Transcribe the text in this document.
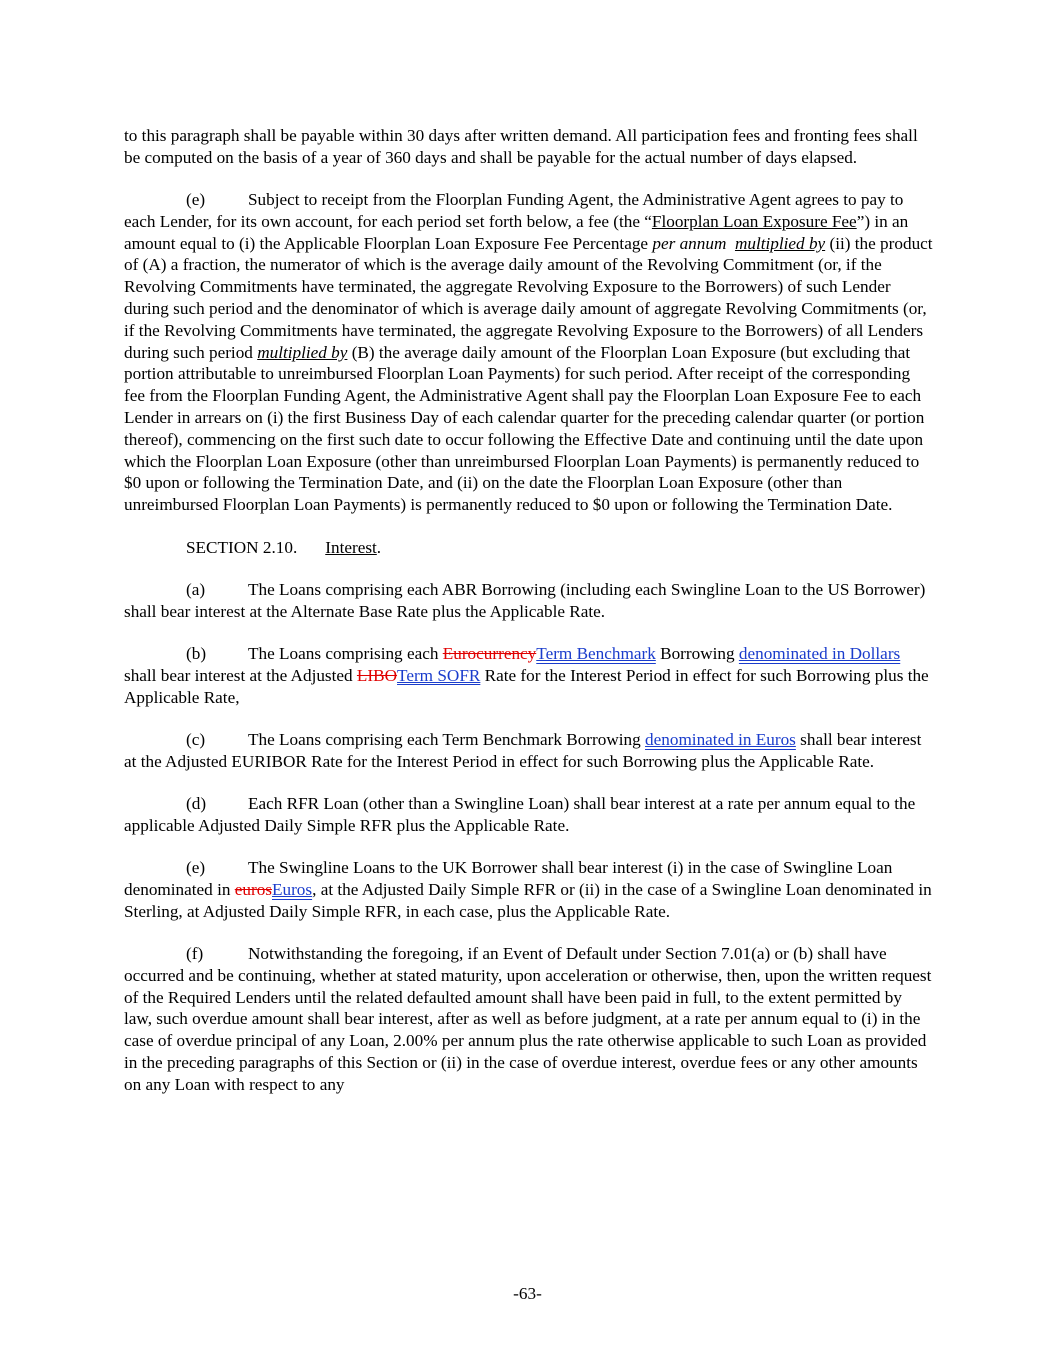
to this paragraph shall be payable within 30 days after written demand. All participation fees and fronting fees shall be computed on the basis of a year of 360 days and shall be payable for the actual number of days elapsed.

(e) Subject to receipt from the Floorplan Funding Agent, the Administrative Agent agrees to pay to each Lender, for its own account, for each period set forth below, a fee (the “Floorplan Loan Exposure Fee”) in an amount equal to (i) the Applicable Floorplan Loan Exposure Fee Percentage per annum multiplied by (ii) the product of (A) a fraction, the numerator of which is the average daily amount of the Revolving Commitment (or, if the Revolving Commitments have terminated, the aggregate Revolving Exposure to the Borrowers) of such Lender during such period and the denominator of which is average daily amount of aggregate Revolving Commitments (or, if the Revolving Commitments have terminated, the aggregate Revolving Exposure to the Borrowers) of all Lenders during such period multiplied by (B) the average daily amount of the Floorplan Loan Exposure (but excluding that portion attributable to unreimbursed Floorplan Loan Payments) for such period. After receipt of the corresponding fee from the Floorplan Funding Agent, the Administrative Agent shall pay the Floorplan Loan Exposure Fee to each Lender in arrears on (i) the first Business Day of each calendar quarter for the preceding calendar quarter (or portion thereof), commencing on the first such date to occur following the Effective Date and continuing until the date upon which the Floorplan Loan Exposure (other than unreimbursed Floorplan Loan Payments) is permanently reduced to $0 upon or following the Termination Date, and (ii) on the date the Floorplan Loan Exposure (other than unreimbursed Floorplan Loan Payments) is permanently reduced to $0 upon or following the Termination Date.

SECTION 2.10. Interest.

(a) The Loans comprising each ABR Borrowing (including each Swingline Loan to the US Borrower) shall bear interest at the Alternate Base Rate plus the Applicable Rate.

(b) The Loans comprising each EurocurrencyTerm Benchmark Borrowing denominated in Dollars shall bear interest at the Adjusted LIBOTerm SOFR Rate for the Interest Period in effect for such Borrowing plus the Applicable Rate,

(c) The Loans comprising each Term Benchmark Borrowing denominated in Euros shall bear interest at the Adjusted EURIBOR Rate for the Interest Period in effect for such Borrowing plus the Applicable Rate.

(d) Each RFR Loan (other than a Swingline Loan) shall bear interest at a rate per annum equal to the applicable Adjusted Daily Simple RFR plus the Applicable Rate.

(e) The Swingline Loans to the UK Borrower shall bear interest (i) in the case of Swingline Loan denominated in eurosEuros, at the Adjusted Daily Simple RFR or (ii) in the case of a Swingline Loan denominated in Sterling, at Adjusted Daily Simple RFR, in each case, plus the Applicable Rate.

(f)	Notwithstanding the foregoing, if an Event of Default under Section 7.01(a) or (b) shall have occurred and be continuing, whether at stated maturity, upon acceleration or otherwise, then, upon the written request of the Required Lenders until the related defaulted amount shall have been paid in full, to the extent permitted by law, such overdue amount shall bear interest, after as well as before judgment, at a rate per annum equal to (i) in the case of overdue principal of any Loan, 2.00% per annum plus the rate otherwise applicable to such Loan as provided in the preceding paragraphs of this Section or (ii) in the case of overdue interest, overdue fees or any other amounts on any Loan with respect to any

-63-
